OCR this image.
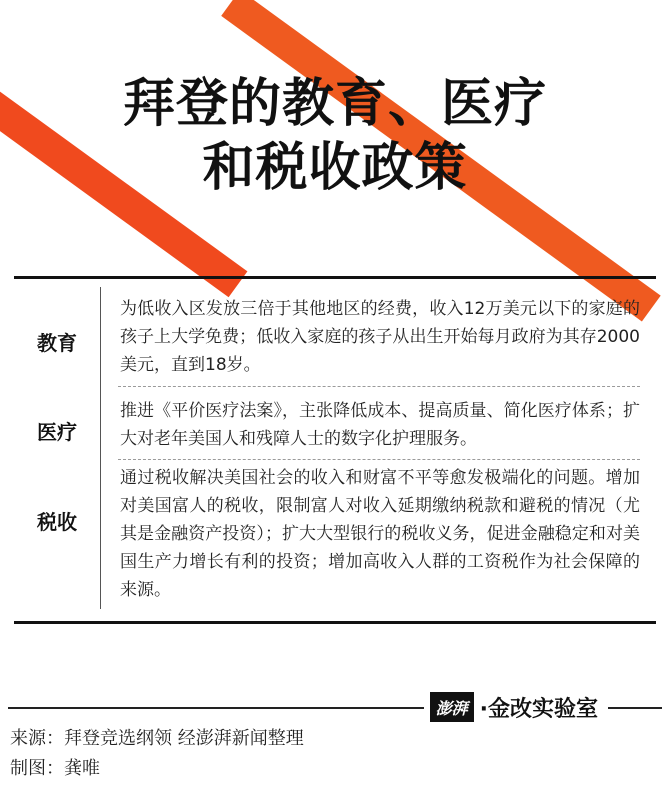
拜登的教育、医疗
和税收政策
教育
为低收入区发放三倍于其他地区的经费，收入12万美元以下的家庭的孩子上大学免费；低收入家庭的孩子从出生开始每月政府为其存2000美元，直到18岁。
医疗
推进《平价医疗法案》，主张降低成本、提高质量、简化医疗体系；扩大对老年美国人和残障人士的数字化护理服务。
税收
通过税收解决美国社会的收入和财富不平等愈发极端化的问题。增加对美国富人的税收，限制富人对收入延期缴纳税款和避税的情况（尤其是金融资产投资）；扩大大型银行的税收义务，促进金融稳定和对美国生产力增长有利的投资；增加高收入人群的工资税作为社会保障的来源。
澎湃 ·金改实验室
来源：拜登竞选纲领 经澎湃新闻整理
制图：龚唯
